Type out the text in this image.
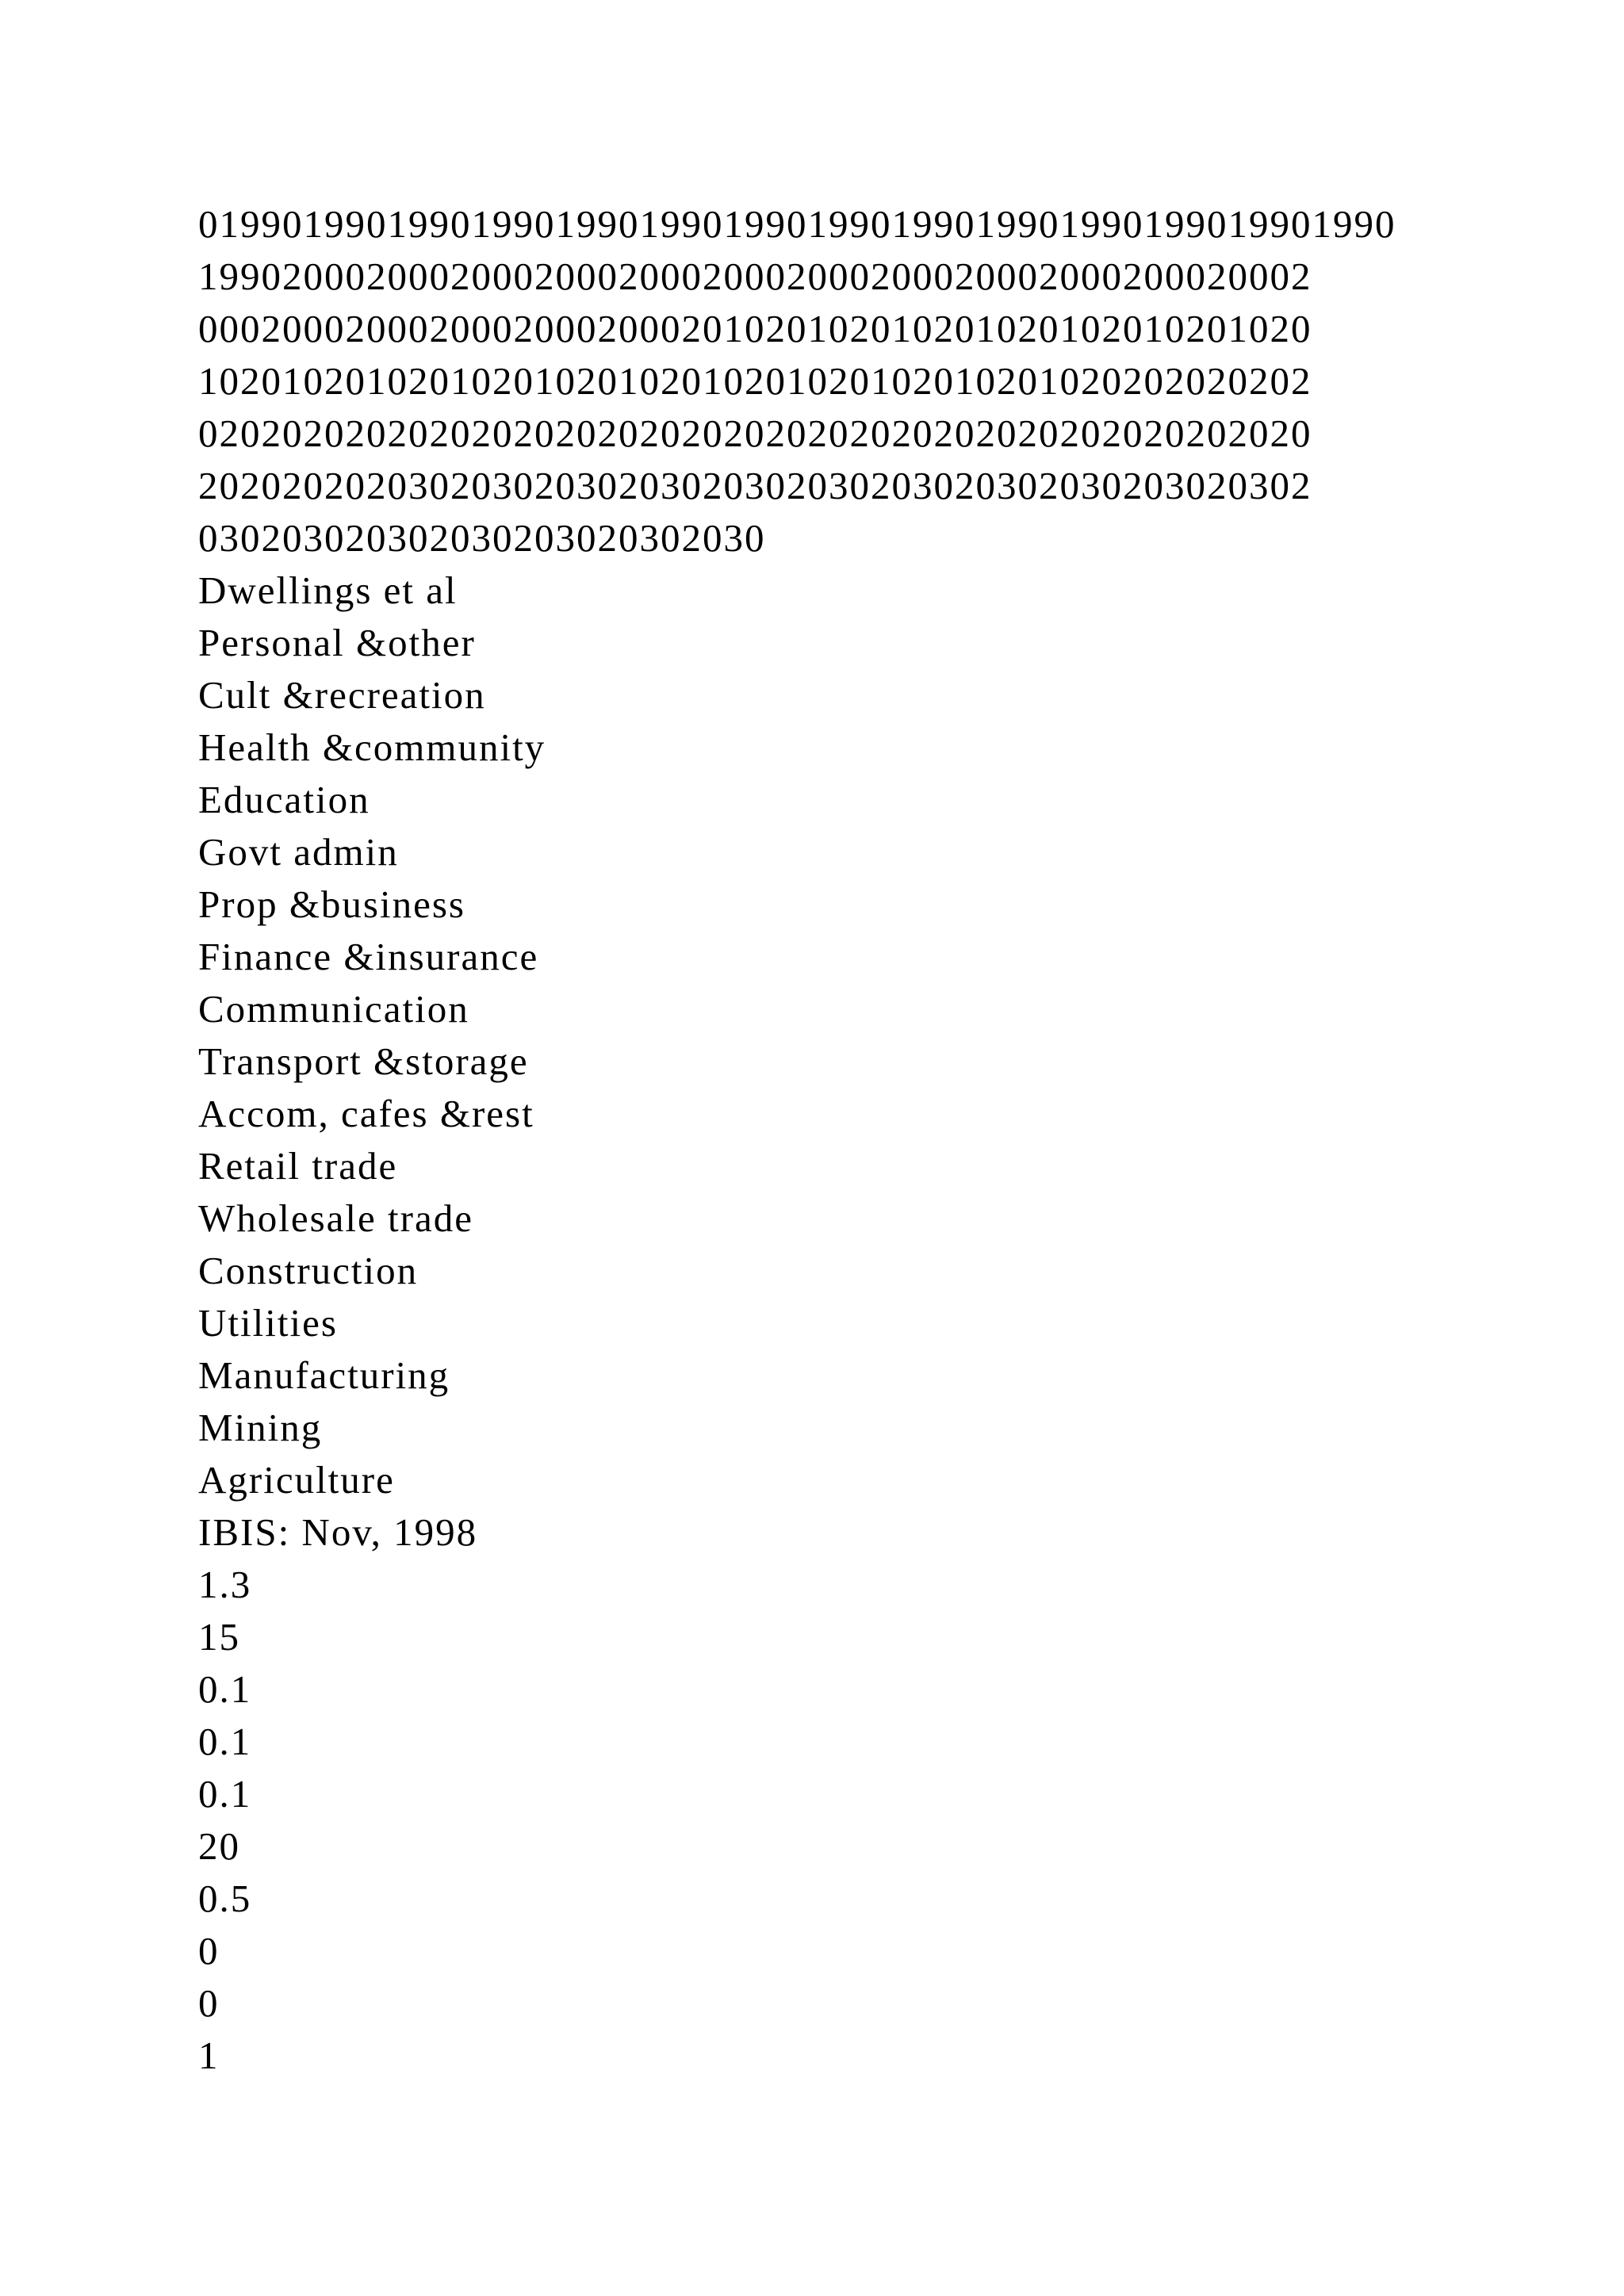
019901990199019901990199019901990199019901990199019901990
19902000200020002000200020002000200020002000200020002
00020002000200020002000201020102010201020102010201020
10201020102010201020102010201020102010201020202020202
02020202020202020202020202020202020202020202020202020
20202020203020302030203020302030203020302030203020302
030203020302030203020302030
Dwellings et al
Personal &other
Cult &recreation
Health &community
Education
Govt admin
Prop &business
Finance &insurance
Communication
Transport &storage
Accom, cafes &rest
Retail trade
Wholesale trade
Construction
Utilities
Manufacturing
Mining
Agriculture
IBIS: Nov, 1998
1.3
15
0.1
0.1
0.1
20
0.5
0
0
1
